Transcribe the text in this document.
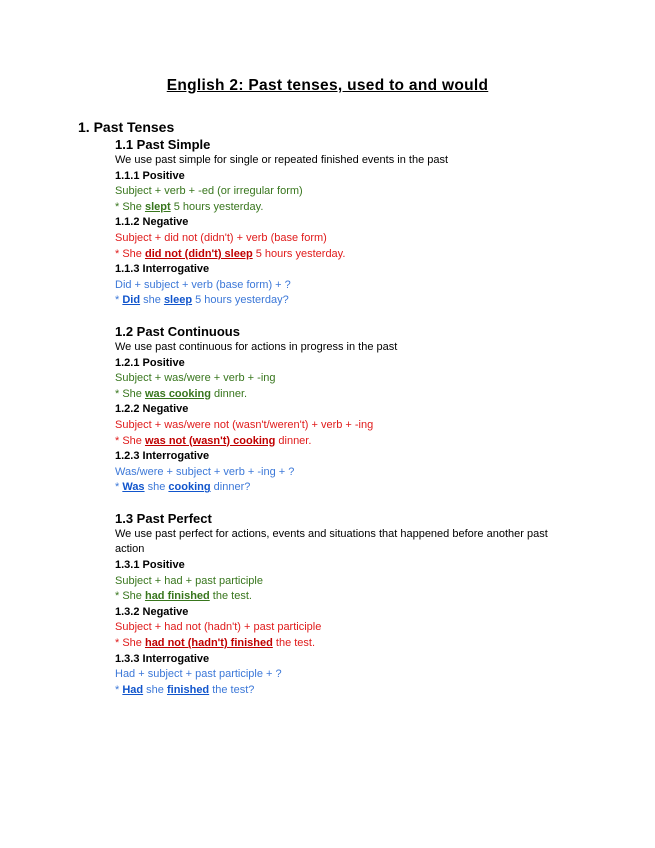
English 2: Past tenses, used to and would
1. Past Tenses
1.1 Past Simple
We use past simple for single or repeated finished events in the past
1.1.1 Positive
Subject + verb + -ed (or irregular form)
* She slept 5 hours yesterday.
1.1.2 Negative
Subject + did not (didn't) + verb (base form)
* She did not (didn't) sleep 5 hours yesterday.
1.1.3 Interrogative
Did + subject + verb (base form) + ?
* Did she sleep 5 hours yesterday?
1.2 Past Continuous
We use past continuous for actions in progress in the past
1.2.1 Positive
Subject + was/were + verb + -ing
* She was cooking dinner.
1.2.2 Negative
Subject + was/were not (wasn't/weren't) + verb + -ing
* She was not (wasn't) cooking dinner.
1.2.3 Interrogative
Was/were + subject + verb + -ing + ?
* Was she cooking dinner?
1.3 Past Perfect
We use past perfect for actions, events and situations that happened before another past action
1.3.1 Positive
Subject + had + past participle
* She had finished the test.
1.3.2 Negative
Subject + had not (hadn't) + past participle
* She had not (hadn't) finished the test.
1.3.3 Interrogative
Had + subject + past participle + ?
* Had she finished the test?
